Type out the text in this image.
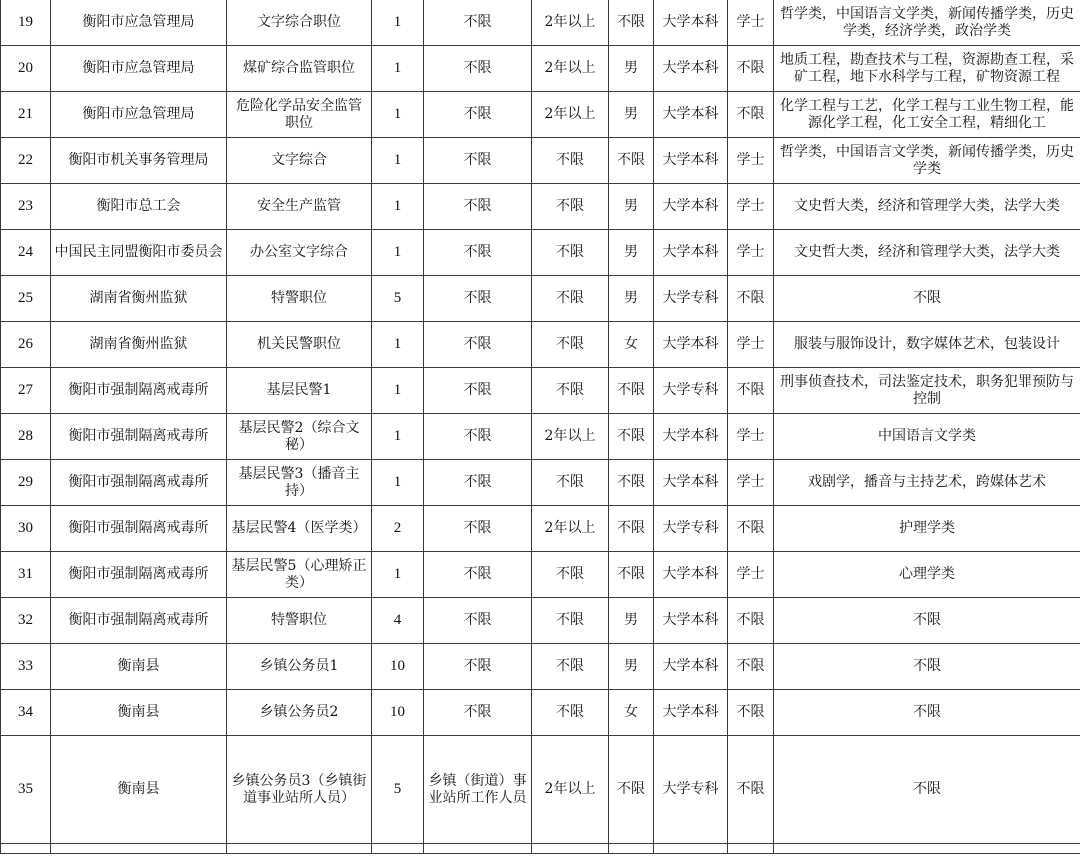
19	衡阳市应急管理局	文字综合职位	1	不限	2年以上	不限	大学本科	学士	哲学类，中国语言文学类，新闻传播学类，历史学类，经济学类，政治学类
20	衡阳市应急管理局	煤矿综合监管职位	1	不限	2年以上	男	大学本科	不限	地质工程，勘查技术与工程，资源勘查工程，采矿工程，地下水科学与工程，矿物资源工程
21	衡阳市应急管理局	危险化学品安全监管职位	1	不限	2年以上	男	大学本科	不限	化学工程与工艺，化学工程与工业生物工程，能源化学工程，化工安全工程，精细化工
22	衡阳市机关事务管理局	文字综合	1	不限	不限	不限	大学本科	学士	哲学类，中国语言文学类，新闻传播学类，历史学类
23	衡阳市总工会	安全生产监管	1	不限	不限	男	大学本科	学士	文史哲大类，经济和管理学大类，法学大类
24	中国民主同盟衡阳市委员会	办公室文字综合	1	不限	不限	男	大学本科	学士	文史哲大类，经济和管理学大类，法学大类
25	湖南省衡州监狱	特警职位	5	不限	不限	男	大学专科	不限	不限
26	湖南省衡州监狱	机关民警职位	1	不限	不限	女	大学本科	学士	服装与服饰设计，数字媒体艺术，包装设计
27	衡阳市强制隔离戒毒所	基层民警1	1	不限	不限	不限	大学专科	不限	刑事侦查技术，司法鉴定技术，职务犯罪预防与控制
28	衡阳市强制隔离戒毒所	基层民警2（综合文秘）	1	不限	2年以上	不限	大学本科	学士	中国语言文学类
29	衡阳市强制隔离戒毒所	基层民警3（播音主持）	1	不限	不限	不限	大学本科	学士	戏剧学，播音与主持艺术，跨媒体艺术
30	衡阳市强制隔离戒毒所	基层民警4（医学类）	2	不限	2年以上	不限	大学专科	不限	护理学类
31	衡阳市强制隔离戒毒所	基层民警5（心理矫正类）	1	不限	不限	不限	大学本科	学士	心理学类
32	衡阳市强制隔离戒毒所	特警职位	4	不限	不限	男	大学本科	不限	不限
33	衡南县	乡镇公务员1	10	不限	不限	男	大学本科	不限	不限
34	衡南县	乡镇公务员2	10	不限	不限	女	大学本科	不限	不限
35	衡南县	乡镇公务员3（乡镇街道事业站所人员）	5	乡镇（街道）事业站所工作人员	2年以上	不限	大学专科	不限	不限
